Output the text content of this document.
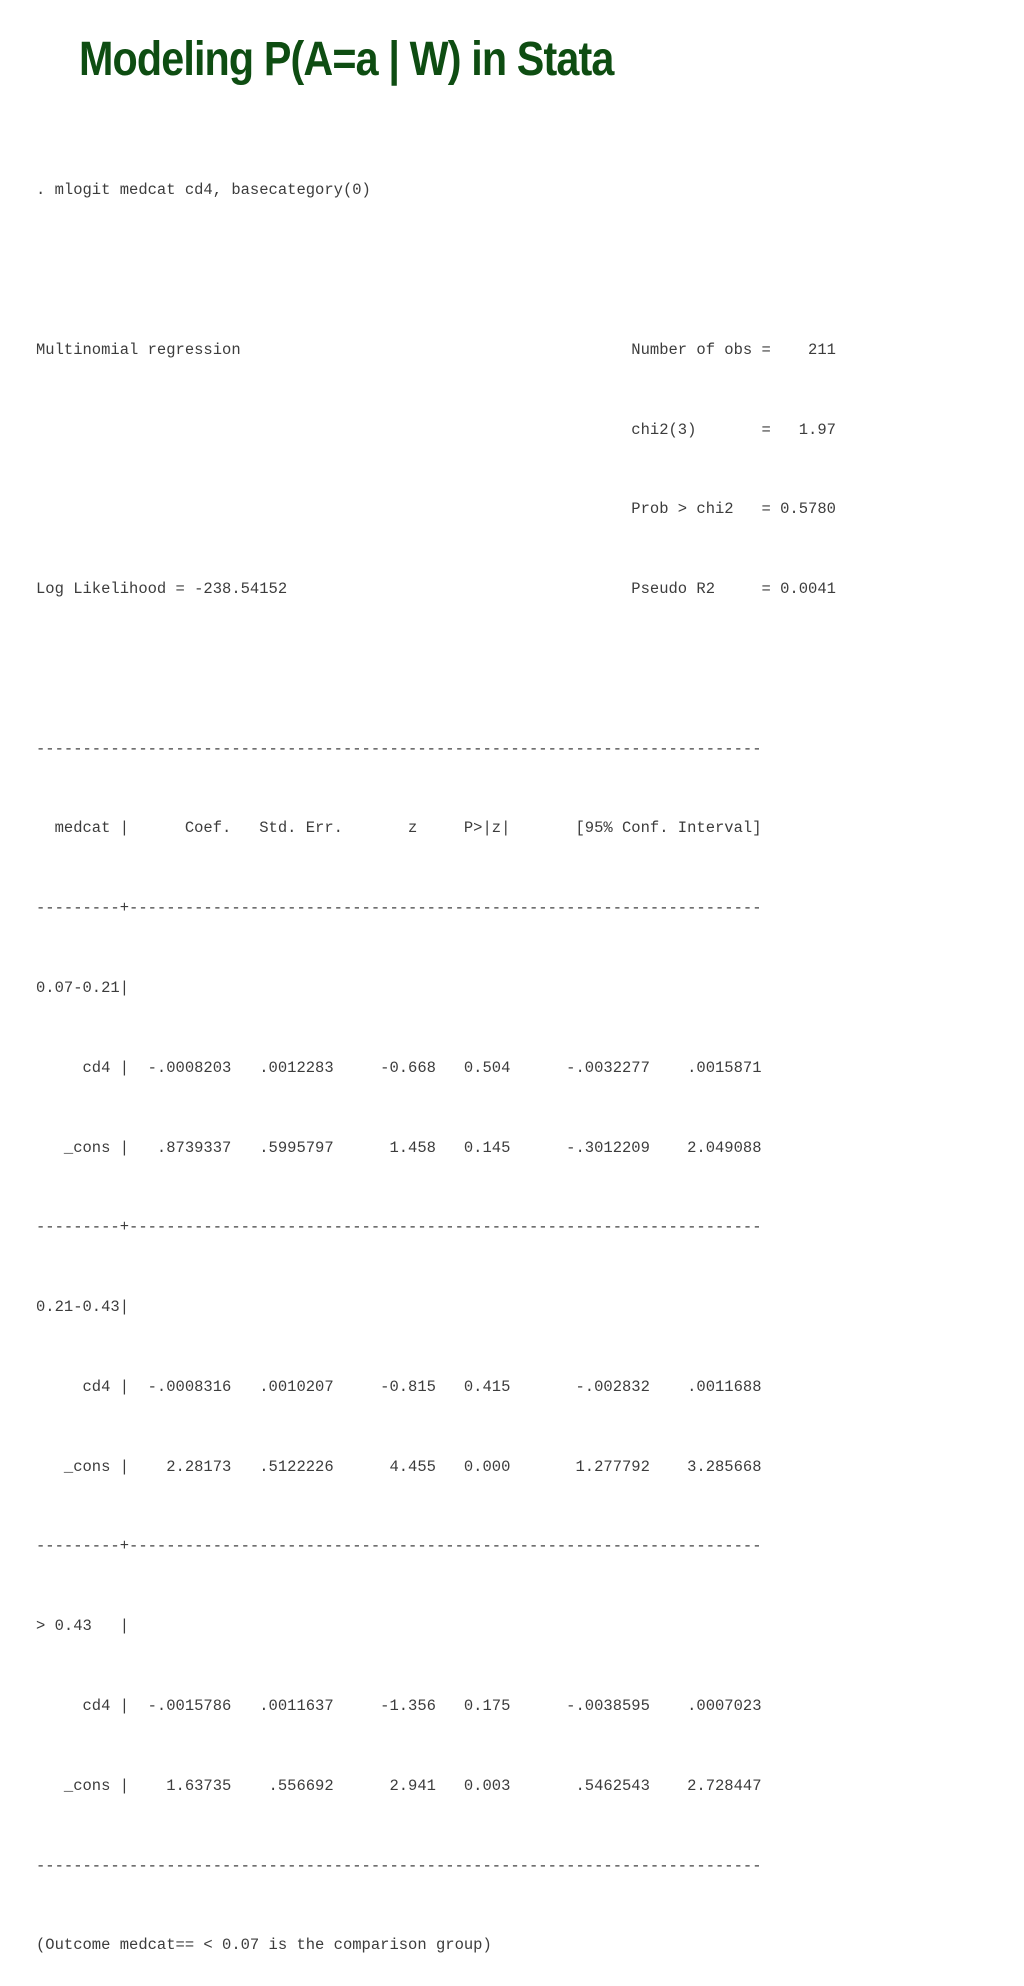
Modeling P(A=a | W) in Stata

. mlogit medcat cd4, basecategory(0)

Multinomial regression                                          Number of obs =    211

chi2(3)       =   1.97

Prob > chi2   = 0.5780

Log Likelihood = -238.54152                                     Pseudo R2     = 0.0041

------------------------------------------------------------------------------

medcat |      Coef.   Std. Err.       z     P>|z|       [95% Conf. Interval]

---------+--------------------------------------------------------------------

0.07-0.21|

cd4 |  -.0008203   .0012283     -0.668   0.504      -.0032277    .0015871

_cons |   .8739337   .5995797      1.458   0.145      -.3012209    2.049088

---------+--------------------------------------------------------------------

0.21-0.43|

cd4 |  -.0008316   .0010207     -0.815   0.415       -.002832    .0011688

_cons |    2.28173   .5122226      4.455   0.000       1.277792    3.285668

---------+--------------------------------------------------------------------

> 0.43   |

cd4 |  -.0015786   .0011637     -1.356   0.175      -.0038595    .0007023

_cons |    1.63735    .556692      2.941   0.003       .5462543    2.728447

------------------------------------------------------------------------------

(Outcome medcat== < 0.07 is the comparison group)
